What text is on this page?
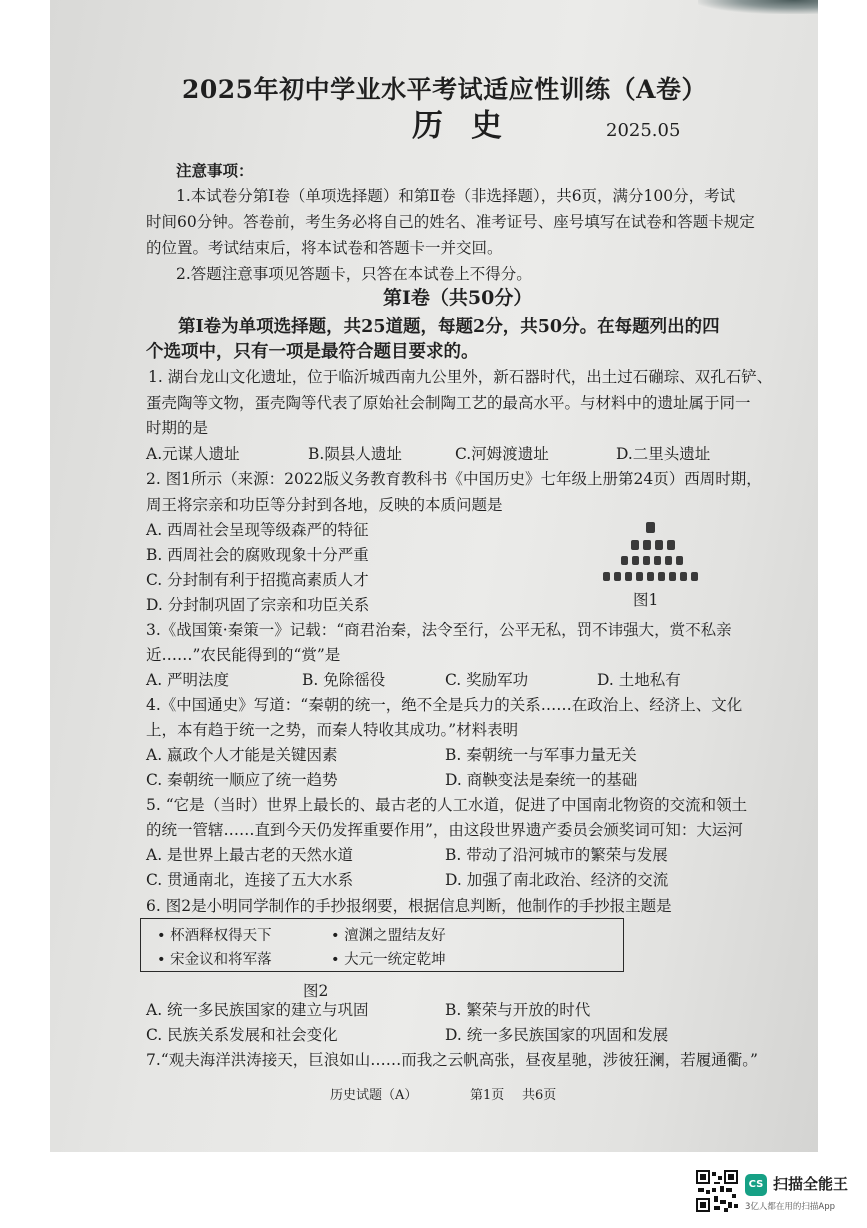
2025年初中学业水平考试适应性训练（A卷）
历史	2025.05
注意事项：
1.本试卷分第Ⅰ卷（单项选择题）和第Ⅱ卷（非选择题），共6页，满分100分，考试
时间60分钟。答卷前，考生务必将自己的姓名、准考证号、座号填写在试卷和答题卡规定
的位置。考试结束后，将本试卷和答题卡一并交回。
2.答题注意事项见答题卡，只答在本试卷上不得分。
第Ⅰ卷（共50分）
第Ⅰ卷为单项选择题，共25道题，每题2分，共50分。在每题列出的四
个选项中，只有一项是最符合题目要求的。
1. 湖台龙山文化遗址，位于临沂城西南九公里外，新石器时代，出土过石磞琮、双孔石铲、
蛋壳陶等文物，蛋壳陶等代表了原始社会制陶工艺的最高水平。与材料中的遗址属于同一
时期的是
A.元谋人遗址	B.陨县人遗址	C.河姆渡遗址	D.二里头遗址
2. 图1所示（来源：2022版义务教育教科书《中国历史》七年级上册第24页）西周时期，
周王将宗亲和功臣等分封到各地，反映的本质问题是
A. 西周社会呈现等级森严的特征
B. 西周社会的腐败现象十分严重
C. 分封制有利于招揽高素质人才
D. 分封制巩固了宗亲和功臣关系	图1
3.《战国策·秦策一》记载：“商君治秦，法令至行，公平无私，罚不讳强大，赏不私亲
近……”农民能得到的“赏”是
A. 严明法度	B. 免除徭役	C. 奖励军功	D. 土地私有
4.《中国通史》写道：“秦朝的统一，绝不全是兵力的关系……在政治上、经济上、文化
上，本有趋于统一之势，而秦人特收其成功。”材料表明
A. 嬴政个人才能是关键因素	B. 秦朝统一与军事力量无关
C. 秦朝统一顺应了统一趋势	D. 商鞅变法是秦统一的基础
5. “它是（当时）世界上最长的、最古老的人工水道，促进了中国南北物资的交流和领土
的统一管辖……直到今天仍发挥重要作用”，由这段世界遗产委员会颁奖词可知：大运河
A. 是世界上最古老的天然水道	B. 带动了沿河城市的繁荣与发展
C. 贯通南北，连接了五大水系	D. 加强了南北政治、经济的交流
6. 图2是小明同学制作的手抄报纲要，根据信息判断，他制作的手抄报主题是
• 杯酒释权得天下	• 澶渊之盟结友好
• 宋金议和将军落	• 大元一统定乾坤
图2
A. 统一多民族国家的建立与巩固	B. 繁荣与开放的时代
C. 民族关系发展和社会变化	D. 统一多民族国家的巩固和发展
7.“观夫海洋洪涛接天，巨浪如山……而我之云帆高张，昼夜星驰，涉彼狂澜，若履通衢。”
历史试题（A）	第1页 共6页
CS 扫描全能王
3亿人都在用的扫描App
